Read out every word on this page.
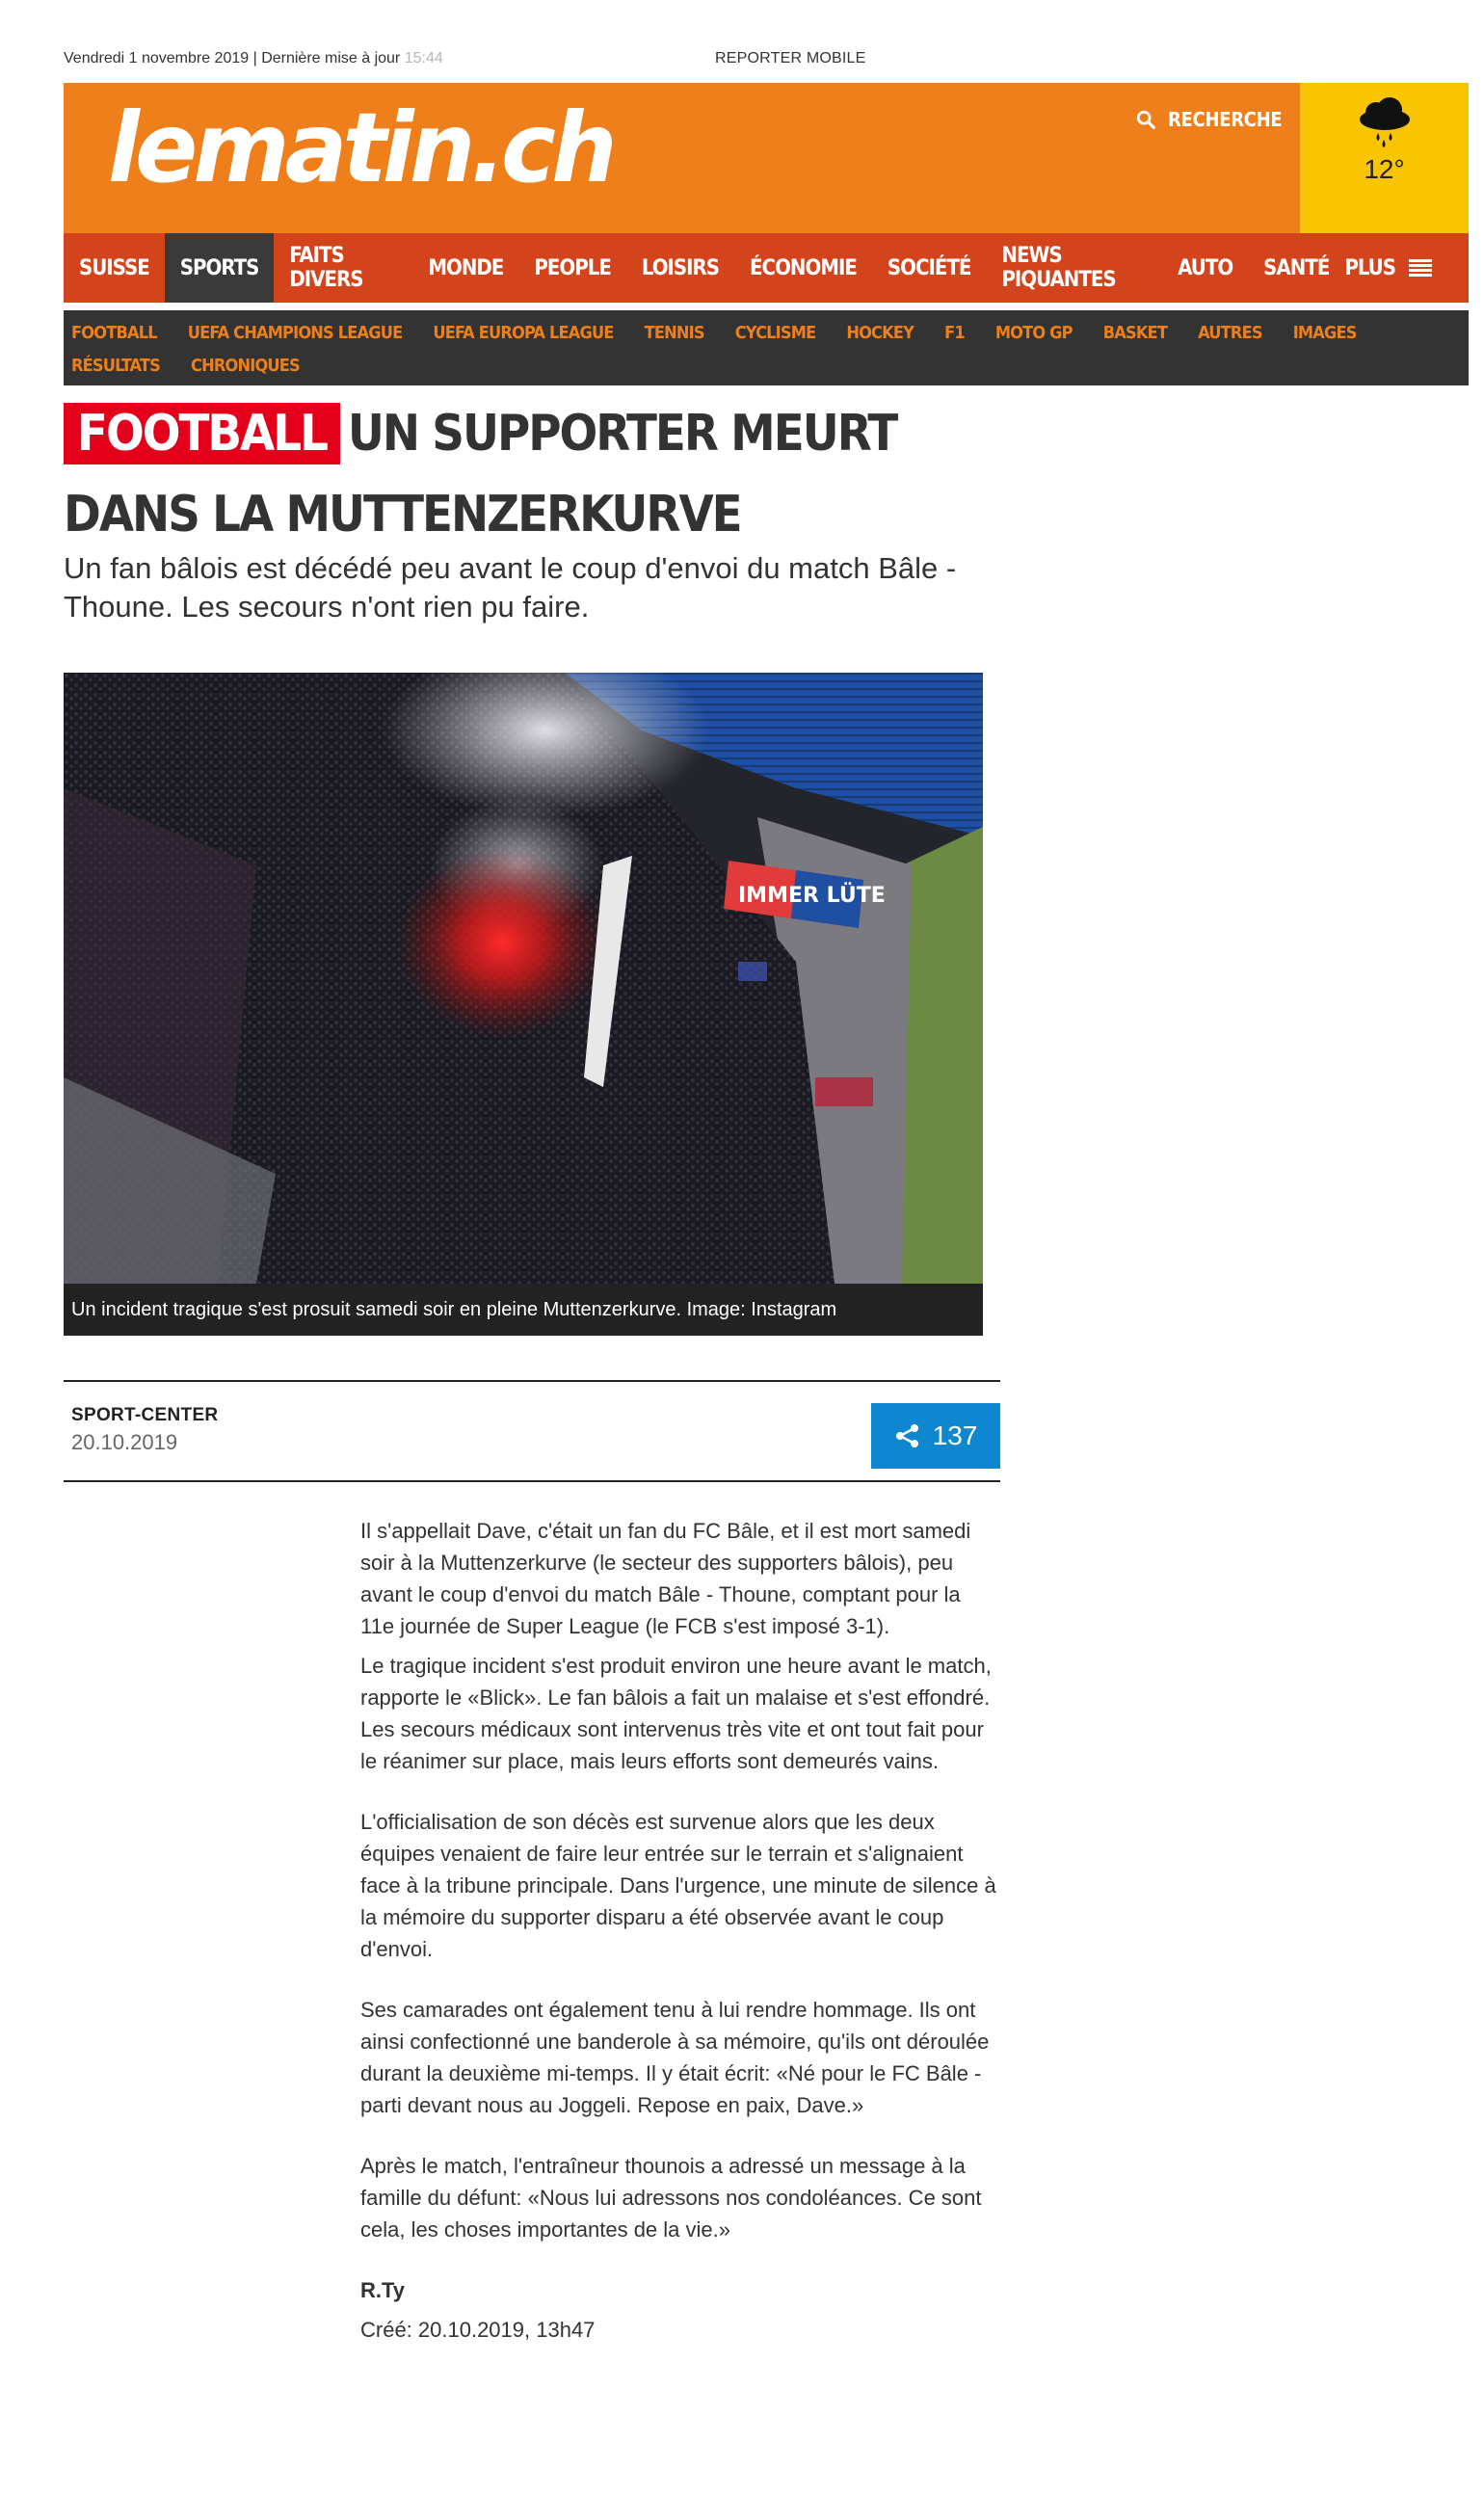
Vendredi 1 novembre 2019 | Dernière mise à jour 15:44	REPORTER MOBILE
lematin.ch	RECHERCHE
12°
SUISSE	SPORTS	FAITS DIVERS	MONDE	PEOPLE	LOISIRS	ÉCONOMIE	SOCIÉTÉ	NEWS PIQUANTES	AUTO	SANTÉ PLUS
FOOTBALL UEFA CHAMPIONS LEAGUE UEFA EUROPA LEAGUE TENNIS CYCLISME HOCKEY F1 MOTO GP BASKET AUTRES IMAGES
RÉSULTATS CHRONIQUES
FOOTBALL UN SUPPORTER MEURT DANS LA MUTTENZERKURVE
Un fan bâlois est décédé peu avant le coup d'envoi du match Bâle - Thoune. Les secours n'ont rien pu faire.
IMMER LÜTE
Un incident tragique s'est prosuit samedi soir en pleine Muttenzerkurve. Image: Instagram #muttenzerkurve
SPORT-CENTER
20.10.2019	137

Il s'appellait Dave, c'était un fan du FC Bâle, et il est mort samedi soir à la Muttenzerkurve (le secteur des supporters bâlois), peu avant le coup d'envoi du match Bâle - Thoune, comptant pour la 11e journée de Super League (le FCB s'est imposé 3-1).

Le tragique incident s'est produit environ une heure avant le match, rapporte le «Blick». Le fan bâlois a fait un malaise et s'est effondré. Les secours médicaux sont intervenus très vite et ont tout fait pour le réanimer sur place, mais leurs efforts sont demeurés vains.

L'officialisation de son décès est survenue alors que les deux équipes venaient de faire leur entrée sur le terrain et s'alignaient face à la tribune principale. Dans l'urgence, une minute de silence à la mémoire du supporter disparu a été observée avant le coup d'envoi.

Ses camarades ont également tenu à lui rendre hommage. Ils ont ainsi confectionné une banderole à sa mémoire, qu'ils ont déroulée durant la deuxième mi-temps. Il y était écrit: «Né pour le FC Bâle - parti devant nous au Joggeli. Repose en paix, Dave.»

Après le match, l'entraîneur thounois a adressé un message à la famille du défunt: «Nous lui adressons nos condoléances. Ce sont cela, les choses importantes de la vie.»

R.Ty

Créé: 20.10.2019, 13h47
